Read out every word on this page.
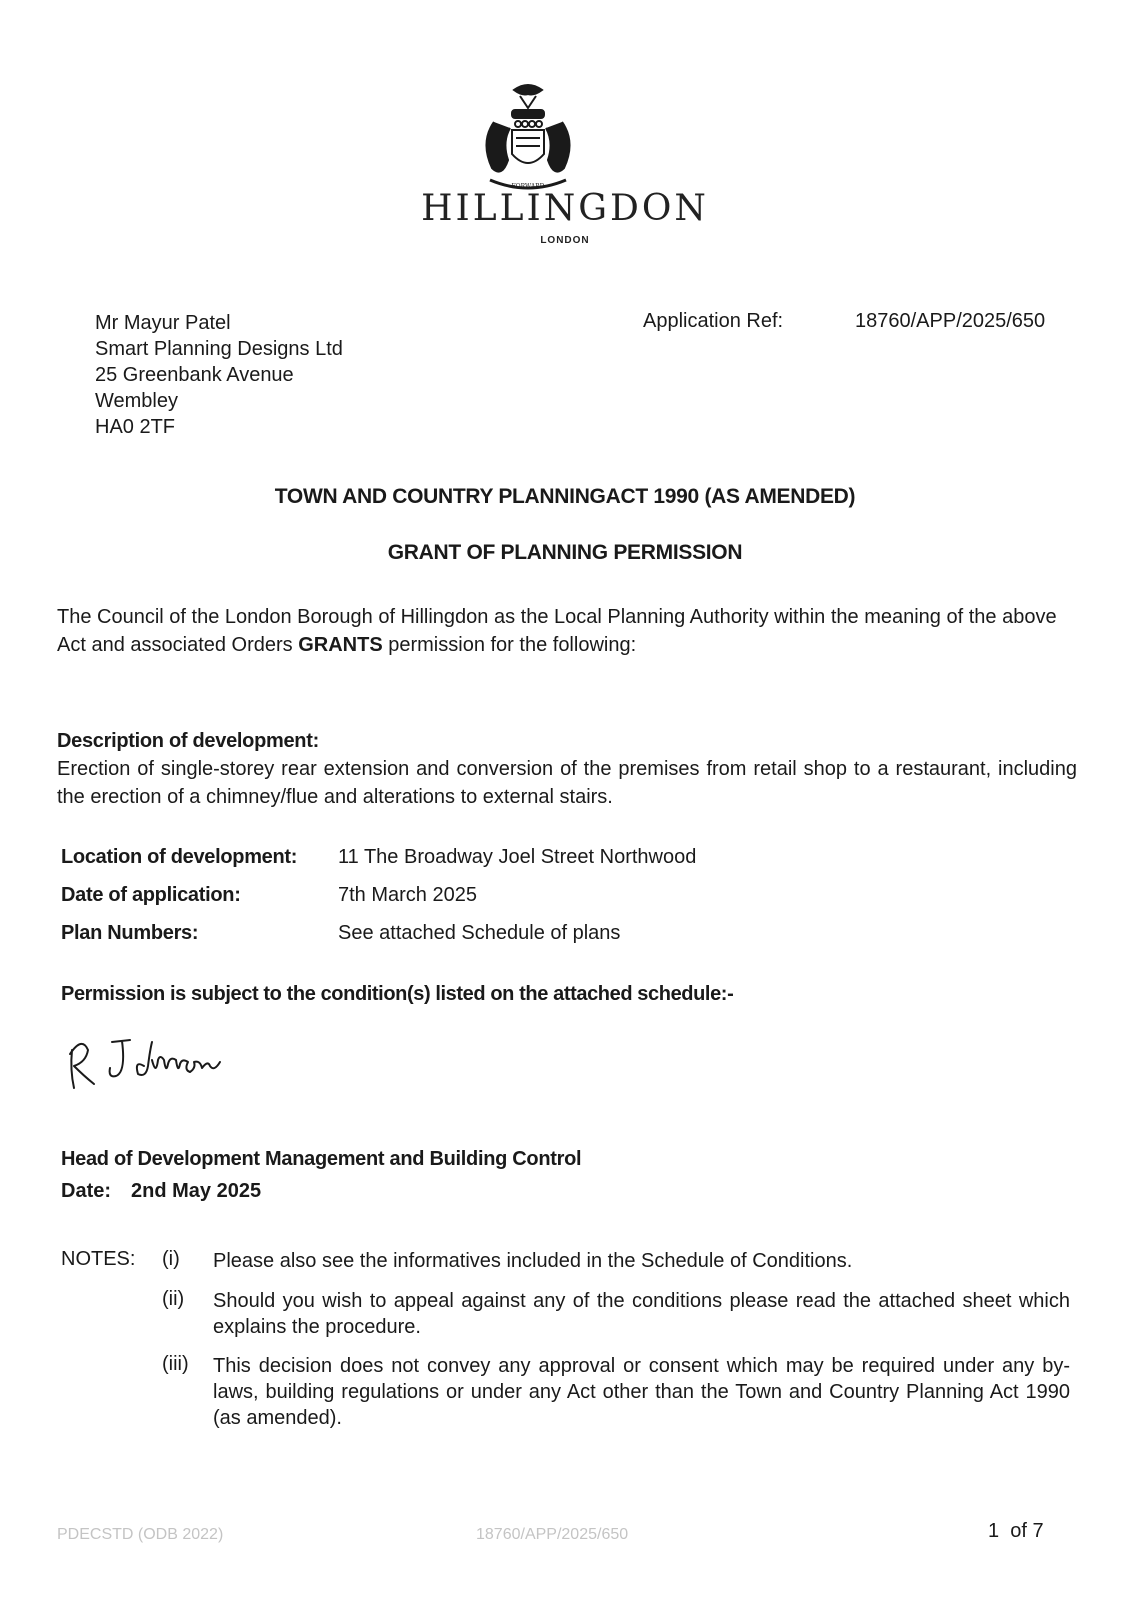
FORWARD
HILLINGDON
LONDON
Mr Mayur Patel
Smart Planning Designs Ltd
25 Greenbank Avenue
Wembley
HA0 2TF
Application Ref:	18760/APP/2025/650
TOWN AND COUNTRY PLANNINGACT 1990 (AS AMENDED)
GRANT OF PLANNING PERMISSION
The Council of the London Borough of Hillingdon as the Local Planning Authority within the meaning of the above Act and associated Orders GRANTS permission for the following:
Description of development:
Erection of single-storey rear extension and conversion of the premises from retail shop to a restaurant, including the erection of a chimney/flue and alterations to external stairs.
Location of development: 11 The Broadway Joel Street Northwood
Date of application:	7th March 2025
Plan Numbers:	See attached Schedule of plans
Permission is subject to the condition(s) listed on the attached schedule:-
Head of Development Management and Building Control
Date: 2nd May 2025
NOTES: (i) Please also see the informatives included in the Schedule of Conditions.
(ii) Should you wish to appeal against any of the conditions please read the attached sheet which explains the procedure.
(iii) This decision does not convey any approval or consent which may be required under any by-laws, building regulations or under any Act other than the Town and Country Planning Act 1990 (as amended).
PDECSTD (ODB 2022)	18760/APP/2025/650	1 of 7
